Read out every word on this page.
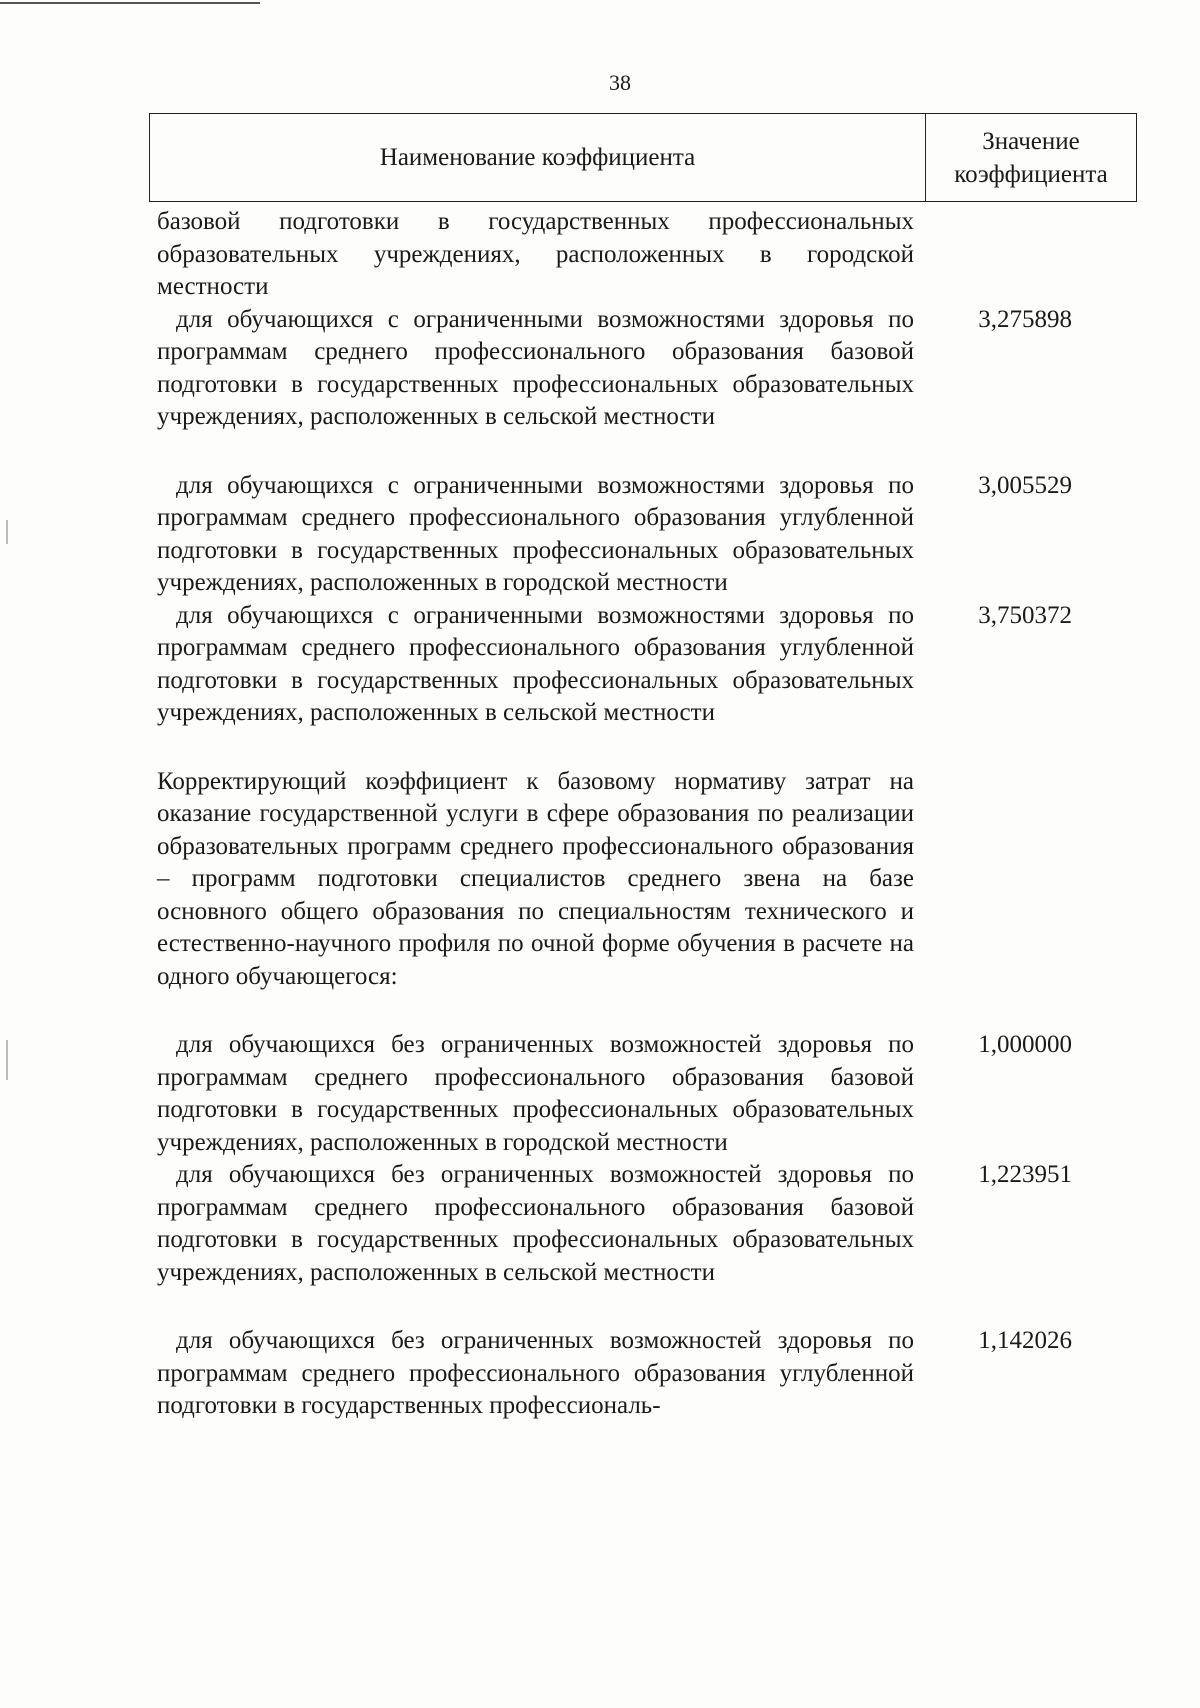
38
Наименование коэффициента
Значение
коэффициента
базовой подготовки в государственных профессиональных образовательных учреждениях, расположенных в городской местности
для обучающихся с ограниченными возможностями здоровья по программам среднего профессионального образования базовой подготовки в государственных профессиональных образовательных учреждениях, расположенных в сельской местности
3,275898
для обучающихся с ограниченными возможностями здоровья по программам среднего профессионального образования углубленной подготовки в государственных профессиональных образовательных учреждениях, расположенных в городской местности
3,005529
для обучающихся с ограниченными возможностями здоровья по программам среднего профессионального образования углубленной подготовки в государственных профессиональных образовательных учреждениях, расположенных в сельской местности
3,750372
Корректирующий коэффициент к базовому нормативу затрат на оказание государственной услуги в сфере образования по реализации образовательных программ среднего профессионального образования – программ подготовки специалистов среднего звена на базе основного общего образования по специальностям технического и естественно-научного профиля по очной форме обучения в расчете на одного обучающегося:
для обучающихся без ограниченных возможностей здоровья по программам среднего профессионального образования базовой подготовки в государственных профессиональных образовательных учреждениях, расположенных в городской местности
1,000000
для обучающихся без ограниченных возможностей здоровья по программам среднего профессионального образования базовой подготовки в государственных профессиональных образовательных учреждениях, расположенных в сельской местности
1,223951
для обучающихся без ограниченных возможностей здоровья по программам среднего профессионального образования углубленной подготовки в государственных профессиональ-
1,142026
